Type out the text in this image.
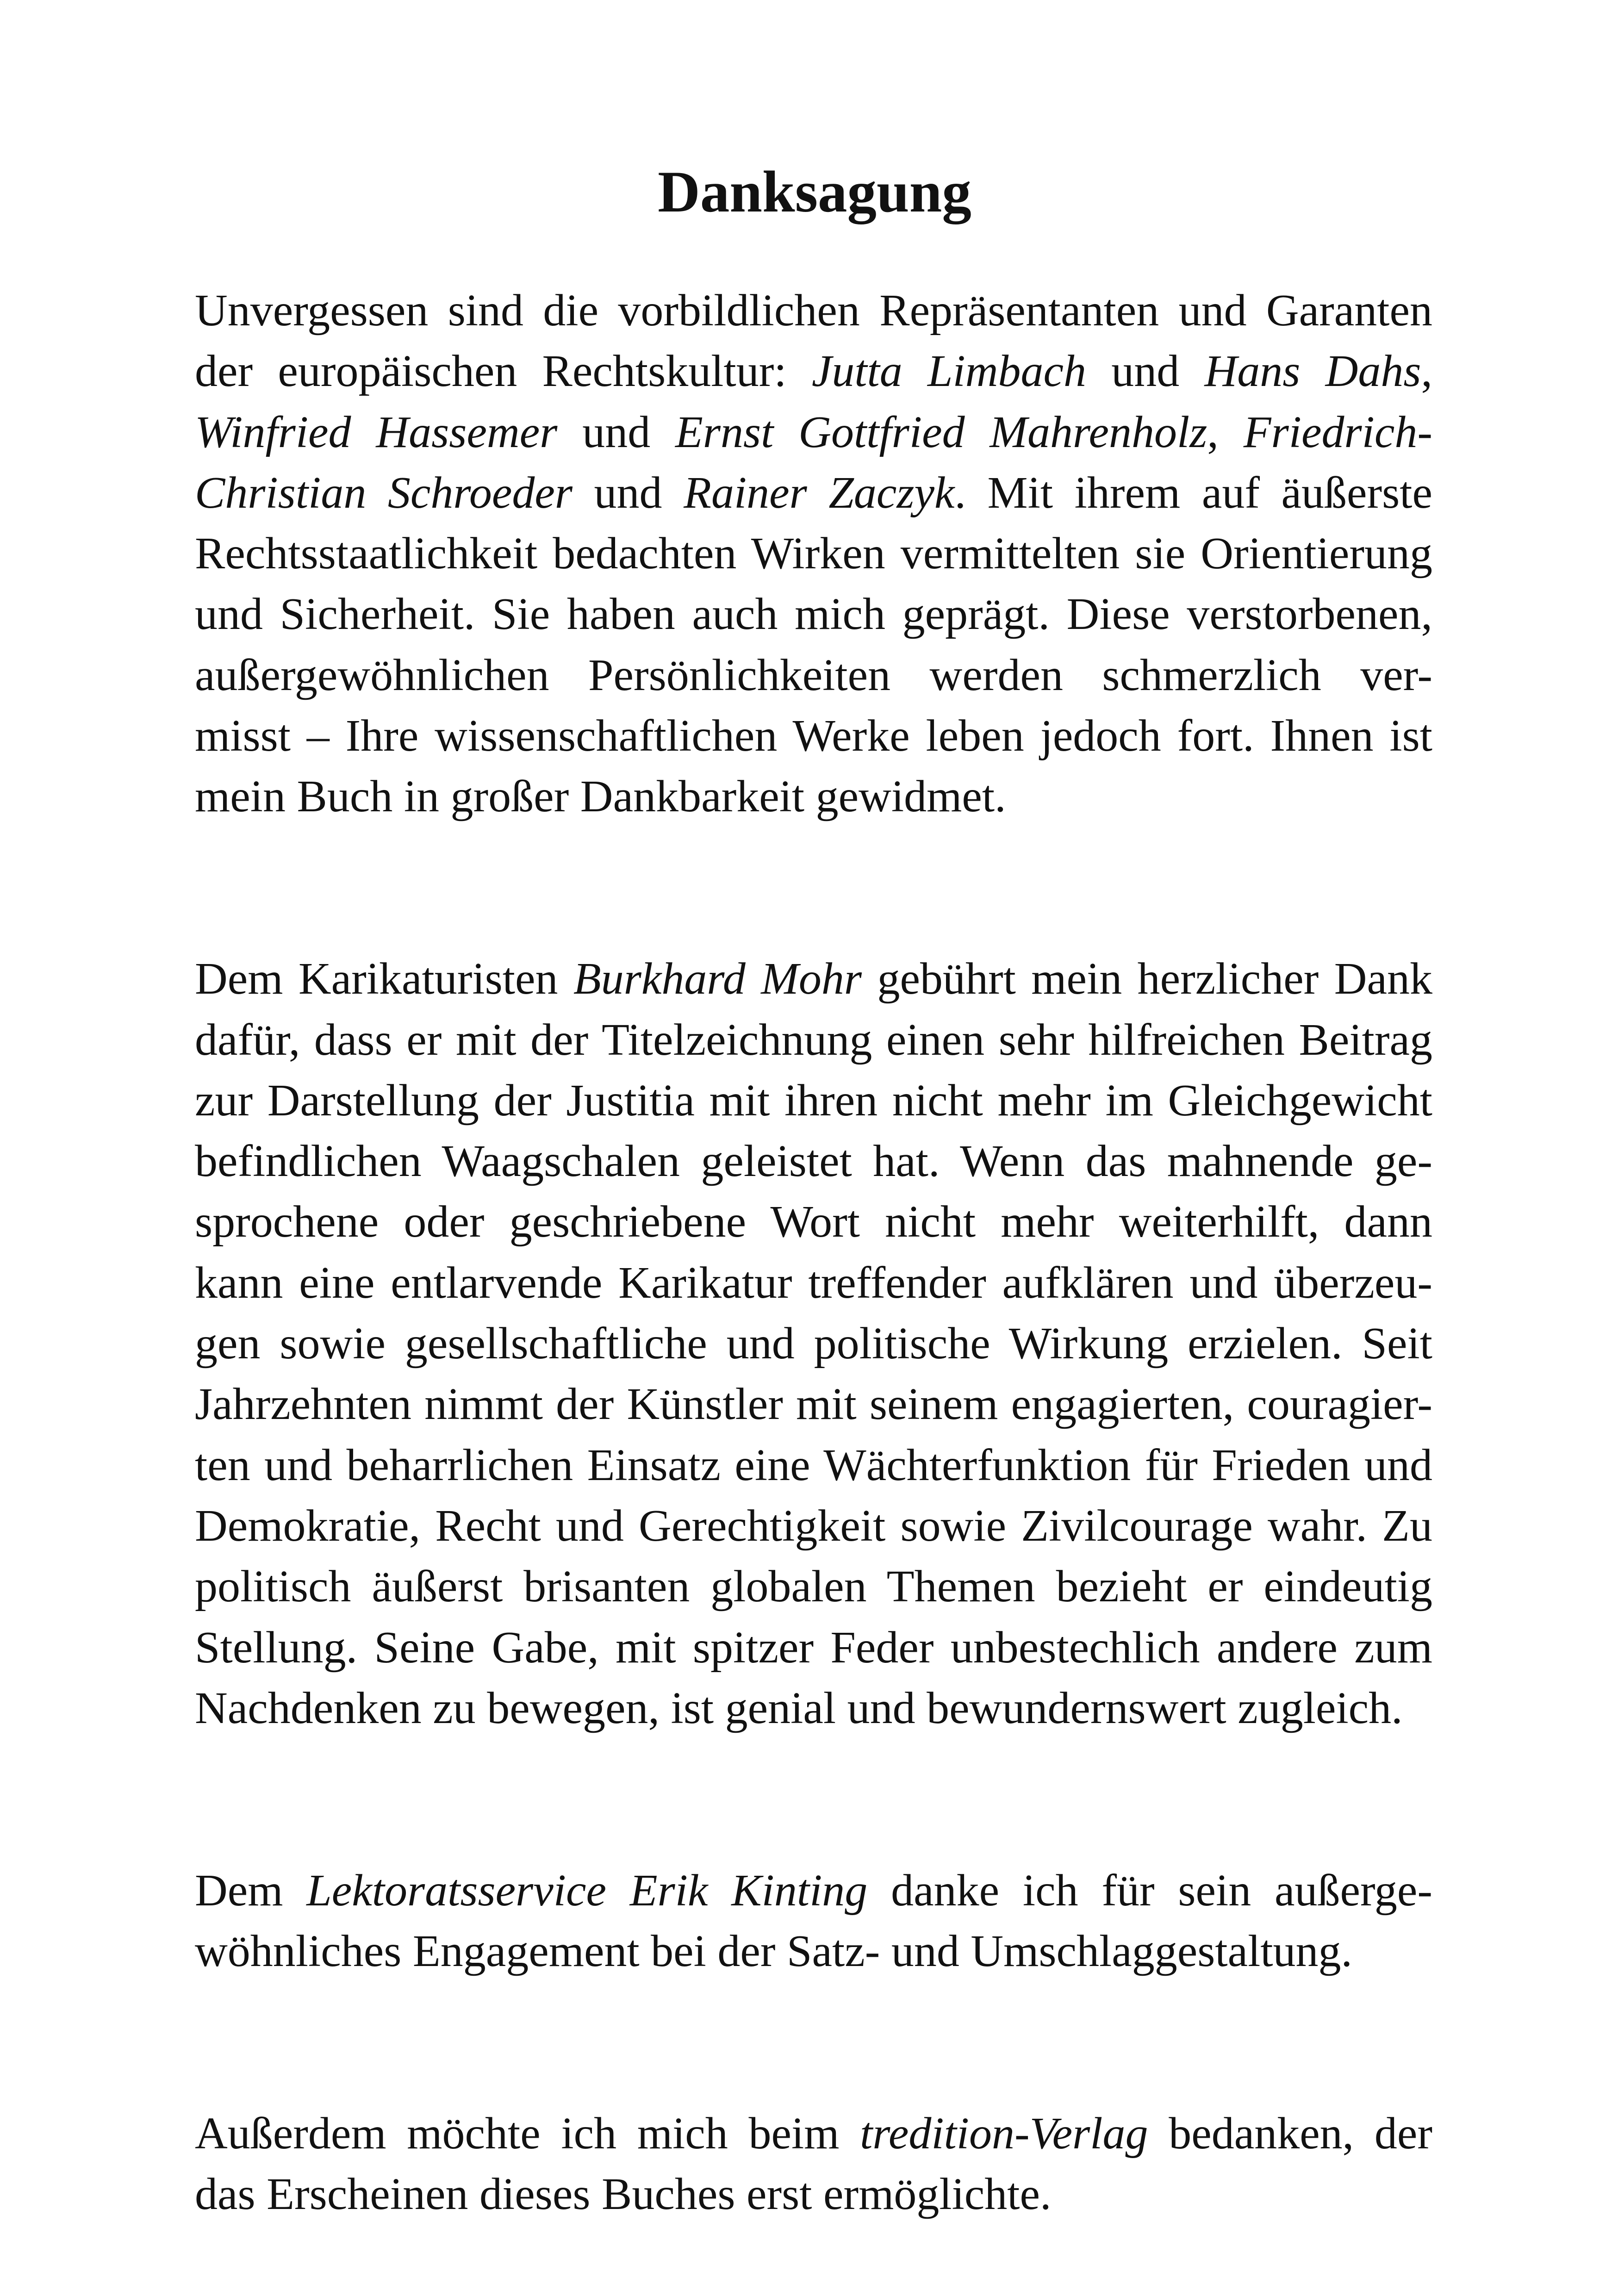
Danksagung
Unvergessen sind die vorbildlichen Repräsentanten und Garanten
der europäischen Rechtskultur: Jutta Limbach und Hans Dahs,
Winfried Hassemer und Ernst Gottfried Mahrenholz, Friedrich-
Christian Schroeder und Rainer Zaczyk. Mit ihrem auf äußerste
Rechtsstaatlichkeit bedachten Wirken vermittelten sie Orientierung
und Sicherheit. Sie haben auch mich geprägt. Diese verstorbenen,
außergewöhnlichen Persönlichkeiten werden schmerzlich ver-
misst – Ihre wissenschaftlichen Werke leben jedoch fort. Ihnen ist
mein Buch in großer Dankbarkeit gewidmet.
Dem Karikaturisten Burkhard Mohr gebührt mein herzlicher Dank
dafür, dass er mit der Titelzeichnung einen sehr hilfreichen Beitrag
zur Darstellung der Justitia mit ihren nicht mehr im Gleichgewicht
befindlichen Waagschalen geleistet hat. Wenn das mahnende ge-
sprochene oder geschriebene Wort nicht mehr weiterhilft, dann
kann eine entlarvende Karikatur treffender aufklären und überzeu-
gen sowie gesellschaftliche und politische Wirkung erzielen. Seit
Jahrzehnten nimmt der Künstler mit seinem engagierten, couragier-
ten und beharrlichen Einsatz eine Wächterfunktion für Frieden und
Demokratie, Recht und Gerechtigkeit sowie Zivilcourage wahr. Zu
politisch äußerst brisanten globalen Themen bezieht er eindeutig
Stellung. Seine Gabe, mit spitzer Feder unbestechlich andere zum
Nachdenken zu bewegen, ist genial und bewundernswert zugleich.
Dem Lektoratsservice Erik Kinting danke ich für sein außerge-
wöhnliches Engagement bei der Satz- und Umschlaggestaltung.
Außerdem möchte ich mich beim tredition-Verlag bedanken, der
das Erscheinen dieses Buches erst ermöglichte.
